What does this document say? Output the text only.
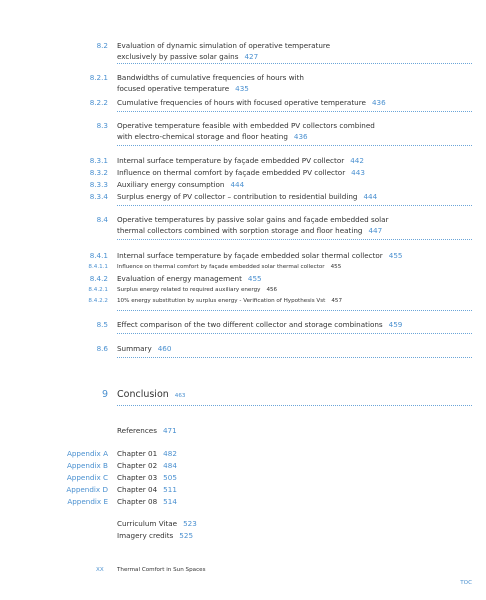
8.2 Evaluation of dynamic simulation of operative temperature
exclusively by passive solar gains 427
8.2.1 Bandwidths of cumulative frequencies of hours with
focused operative temperature 435
8.2.2 Cumulative frequencies of hours with focused operative temperature 436
8.3 Operative temperature feasible with embedded PV collectors combined
with electro-chemical storage and floor heating 436
8.3.1 Internal surface temperature by façade embedded PV collector 442
8.3.2 Influence on thermal comfort by façade embedded PV collector 443
8.3.3 Auxiliary energy consumption 444
8.3.4 Surplus energy of PV collector – contribution to residential building 444
8.4 Operative temperatures by passive solar gains and façade embedded solar
thermal collectors combined with sorption storage and floor heating 447
8.4.1 Internal surface temperature by façade embedded solar thermal collector 455
8.4.1.1 Influence on thermal comfort by façade embedded solar thermal collector 455
8.4.2 Evaluation of energy management 455
8.4.2.1 Surplus energy related to required auxiliary energy 456
8.4.2.2 10% energy substitution by surplus energy - Verification of Hypothesis Vst 457
8.5 Effect comparison of the two different collector and storage combinations 459
8.6 Summary 460
9 Conclusion 463
References 471
Appendix A Chapter 01 482
Appendix B Chapter 02 484
Appendix C Chapter 03 505
Appendix D Chapter 04 511
Appendix E Chapter 08 514
Curriculum Vitae 523
Imagery credits 525
XX Thermal Comfort in Sun Spaces
TOC
